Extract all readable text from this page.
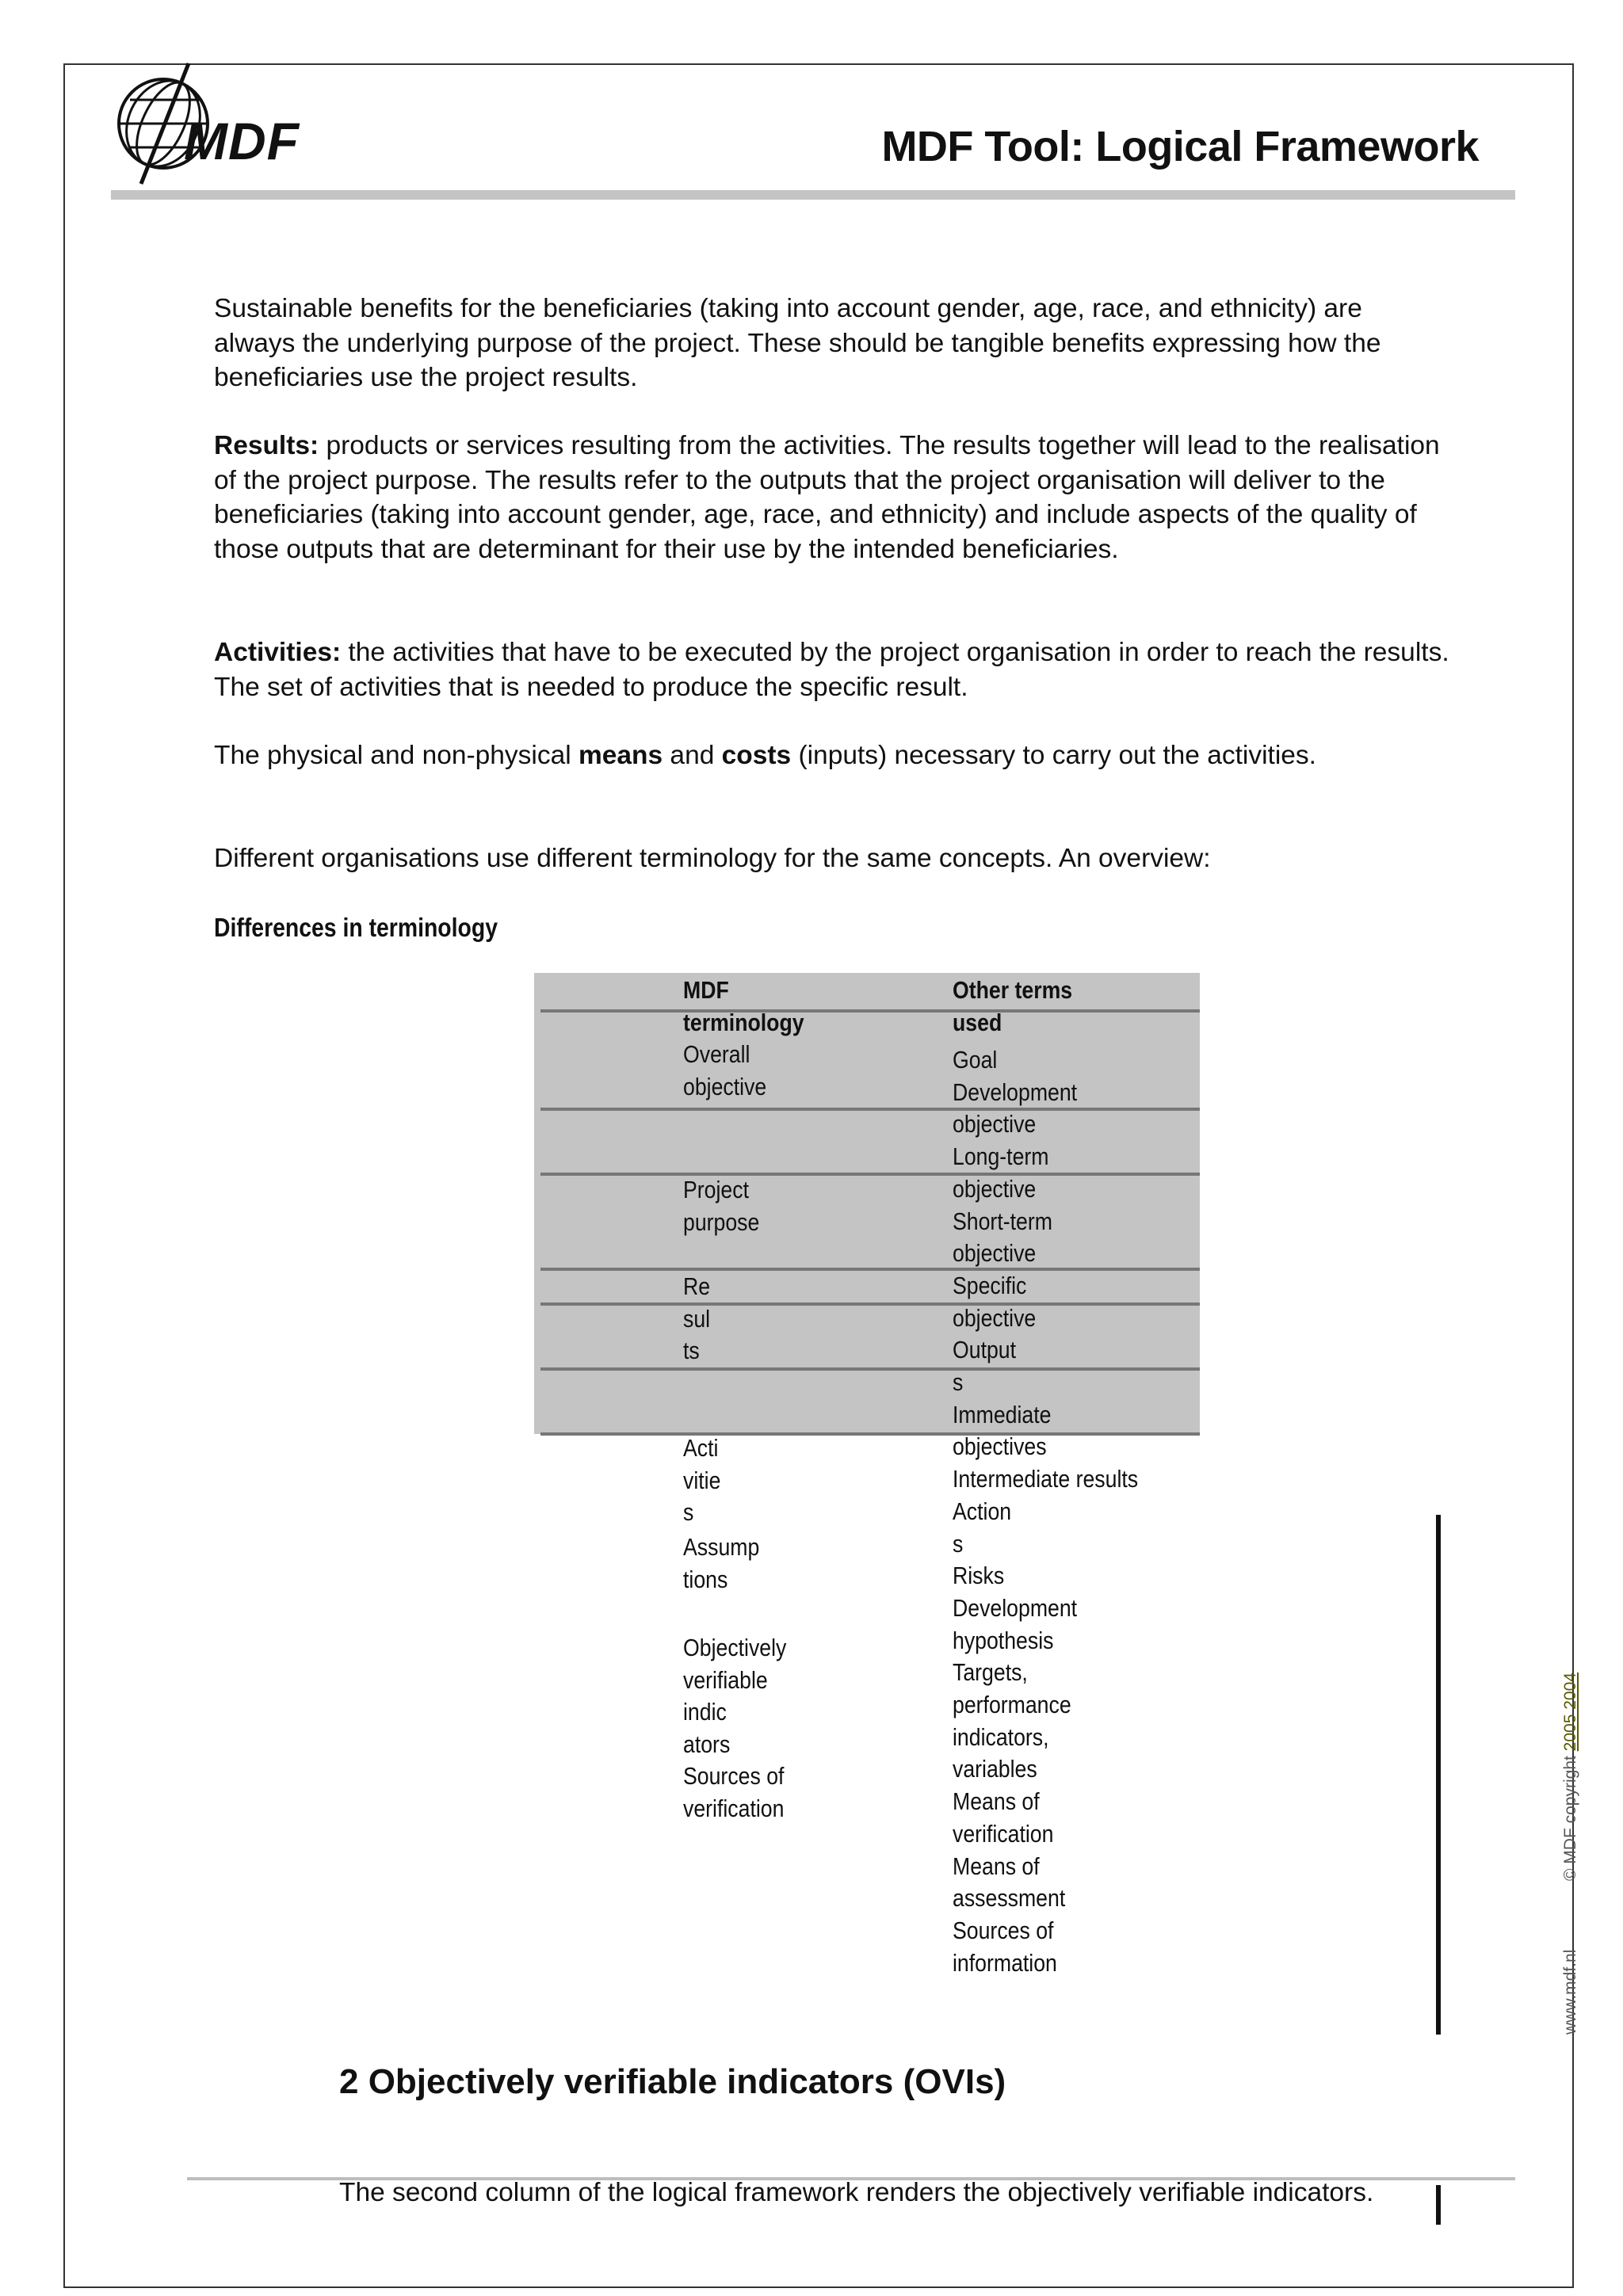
MDF	MDF Tool: Logical Framework

Sustainable benefits for the beneficiaries (taking into account gender, age, race, and ethnicity) are always the underlying purpose of the project. These should be tangible benefits expressing how the beneficiaries use the project results.

Results: products or services resulting from the activities. The results together will lead to the realisation of the project purpose. The results refer to the outputs that the project organisation will deliver to the beneficiaries (taking into account gender, age, race, and ethnicity) and include aspects of the quality of those outputs that are determinant for their use by the intended beneficiaries.

Activities: the activities that have to be executed by the project organisation in order to reach the results. The set of activities that is needed to produce the specific result.

The physical and non-physical means and costs (inputs) necessary to carry out the activities.

Different organisations use different terminology for the same concepts. An overview:

Differences in terminology
MDF
terminology
Other terms
used
Overall
objective
Project
purpose
Re
sul
ts
Acti
vitie
s
Assump
tions
Objectively
verifiable
indic
ators
Sources of
verification
Goal
Development
objective
Long-term
objective
Short-term
objective
Specific
objective
Output
s
Immediate
objectives
Intermediate results
Action
s
Risks
Development
hypothesis
Targets,
performance
indicators,
variables
Means of
verification
Means of
assessment
Sources of
information	www.mdf.nl
© MDF copyright 2005 2004
2 Objectively verifiable indicators (OVIs)

The second column of the logical framework renders the objectively verifiable indicators.
